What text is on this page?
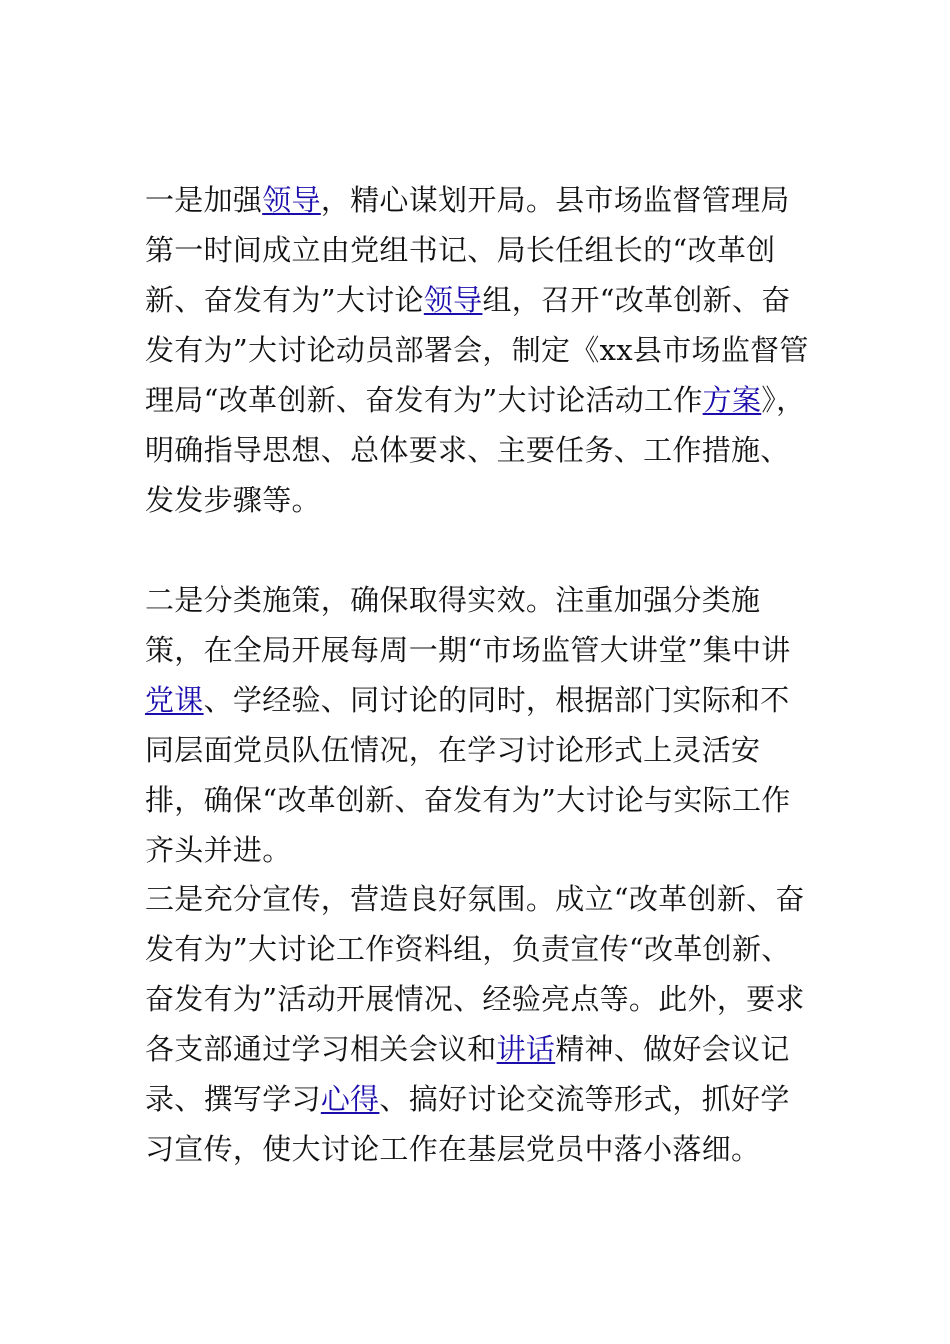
一是加强领导，精心谋划开局。县市场监督管理局第一时间成立由党组书记、局长任组长的“改革创新、奋发有为”大讨论领导组，召开“改革创新、奋发有为”大讨论动员部署会，制定《xx县市场监督管理局“改革创新、奋发有为”大讨论活动工作方案》，明确指导思想、总体要求、主要任务、工作措施、发发步骤等。

二是分类施策，确保取得实效。注重加强分类施策，在全局开展每周一期“市场监管大讲堂”集中讲党课、学经验、同讨论的同时，根据部门实际和不同层面党员队伍情况，在学习讨论形式上灵活安排，确保“改革创新、奋发有为”大讨论与实际工作齐头并进。

三是充分宣传，营造良好氛围。成立“改革创新、奋发有为”大讨论工作资料组，负责宣传“改革创新、奋发有为”活动开展情况、经验亮点等。此外，要求各支部通过学习相关会议和讲话精神、做好会议记录、撰写学习心得、搞好讨论交流等形式，抓好学习宣传，使大讨论工作在基层党员中落小落细。
